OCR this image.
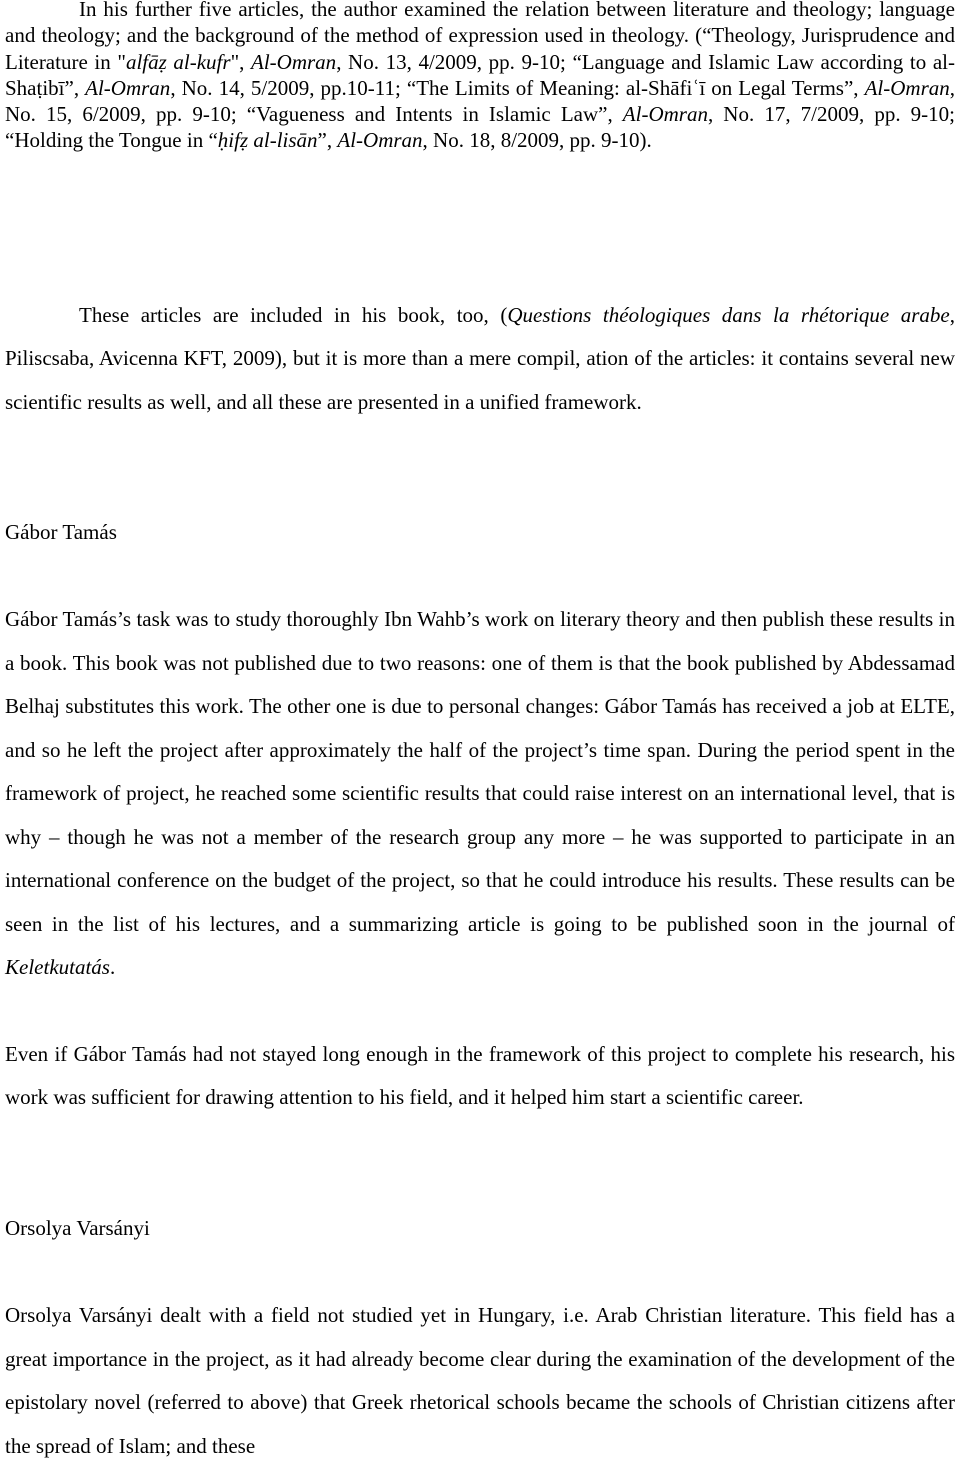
In his further five articles, the author examined the relation between literature and theology; language and theology; and the background of the method of expression used in theology. (“Theology, Jurisprudence and Literature in "alfāẓ al-kufr", Al-Omran, No. 13, 4/2009, pp. 9-10; “Language and Islamic Law according to al-Shaṭibī”, Al-Omran, No. 14, 5/2009, pp.10-11; “The Limits of Meaning: al-Shāfiʿī on Legal Terms”, Al-Omran, No. 15, 6/2009, pp. 9-10; “Vagueness and Intents in Islamic Law”, Al-Omran, No. 17, 7/2009, pp. 9-10; “Holding the Tongue in “ḥifẓ al-lisān”, Al-Omran, No. 18, 8/2009, pp. 9-10).

These articles are included in his book, too, (Questions théologiques dans la rhétorique arabe, Piliscsaba, Avicenna KFT, 2009), but it is more than a mere compil, ation of the articles: it contains several new scientific results as well, and all these are presented in a unified framework.

Gábor Tamás

Gábor Tamás’s task was to study thoroughly Ibn Wahb’s work on literary theory and then publish these results in a book. This book was not published due to two reasons: one of them is that the book published by Abdessamad Belhaj substitutes this work. The other one is due to personal changes: Gábor Tamás has received a job at ELTE, and so he left the project after approximately the half of the project’s time span. During the period spent in the framework of project, he reached some scientific results that could raise interest on an international level, that is why – though he was not a member of the research group any more – he was supported to participate in an international conference on the budget of the project, so that he could introduce his results. These results can be seen in the list of his lectures, and a summarizing article is going to be published soon in the journal of Keletkutatás.

Even if Gábor Tamás had not stayed long enough in the framework of this project to complete his research, his work was sufficient for drawing attention to his field, and it helped him start a scientific career.

Orsolya Varsányi

Orsolya Varsányi dealt with a field not studied yet in Hungary, i.e. Arab Christian literature. This field has a great importance in the project, as it had already become clear during the examination of the development of the epistolary novel (referred to above) that Greek rhetorical schools became the schools of Christian citizens after the spread of Islam; and these
